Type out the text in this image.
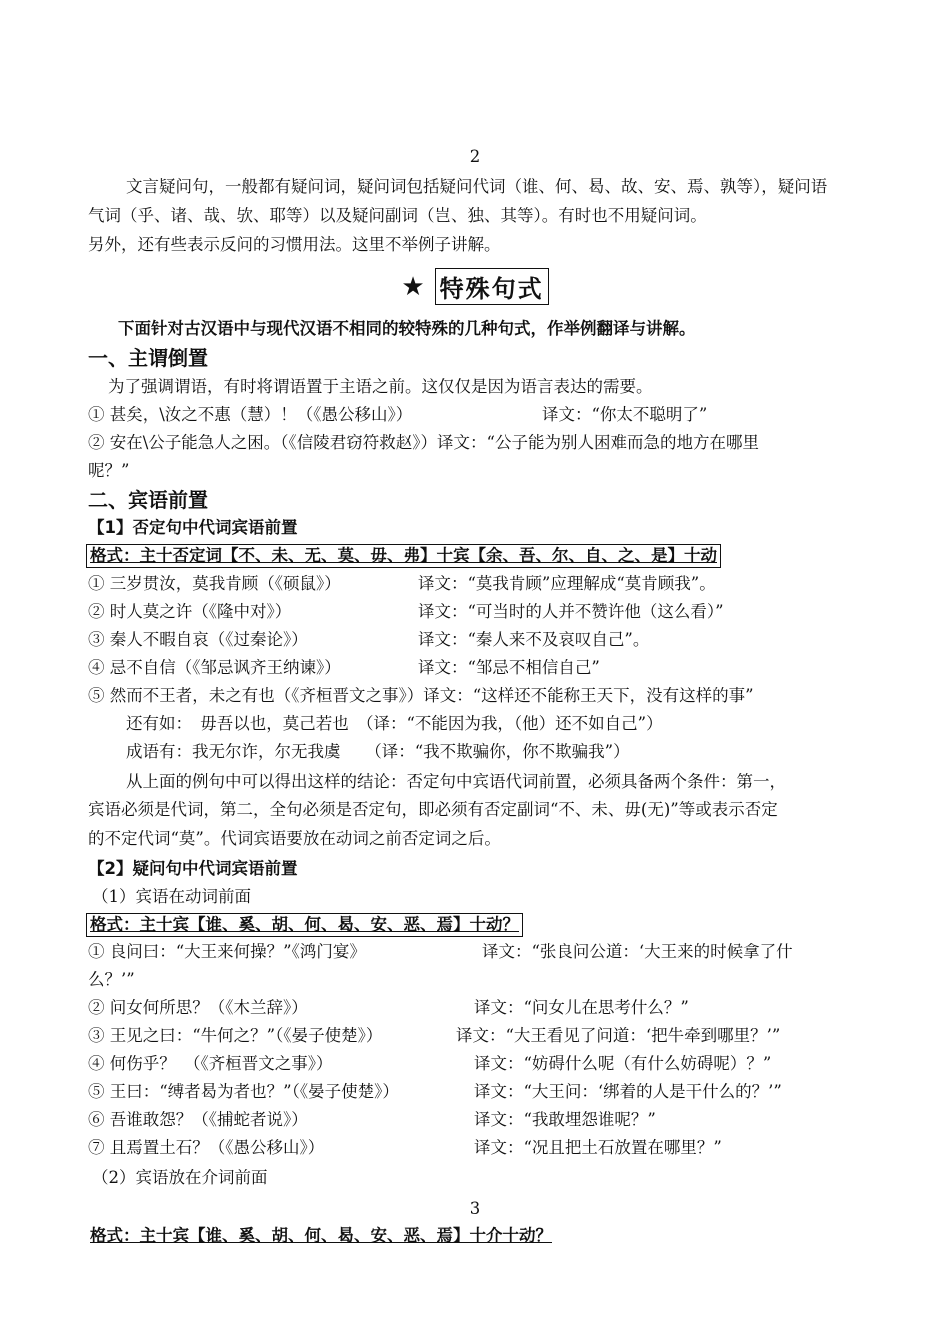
2
文言疑问句，一般都有疑问词，疑问词包括疑问代词（谁、何、曷、故、安、焉、孰等），疑问语
气词（乎、诸、哉、欤、耶等）以及疑问副词（岂、独、其等）。有时也不用疑问词。
另外，还有些表示反问的习惯用法。这里不举例子讲解。
★ 特殊句式
下面针对古汉语中与现代汉语不相同的较特殊的几种句式，作举例翻译与讲解。
一、主谓倒置
为了强调谓语，有时将谓语置于主语之前。这仅仅是因为语言表达的需要。
① 甚矣，\汝之不惠（慧）！（《愚公移山》）	译文：“你太不聪明了”
② 安在\公子能急人之困。（《信陵君窃符救赵》）译文：“公子能为别人困难而急的地方在哪里
呢？”
二、宾语前置
【1】否定句中代词宾语前置
格式：主十否定词【不、未、无、莫、毋、弗】十宾【余、吾、尔、自、之、是】十动
① 三岁贯汝，莫我肯顾（《硕鼠》）	译文：“莫我肯顾”应理解成“莫肯顾我”。
② 时人莫之许（《隆中对》）	译文：“可当时的人并不赞许他（这么看）”
③ 秦人不暇自哀（《过秦论》）	译文：“秦人来不及哀叹自己”。
④ 忌不自信（《邹忌讽齐王纳谏》）	译文：“邹忌不相信自己”
⑤ 然而不王者，未之有也（《齐桓晋文之事》）译文：“这样还不能称王天下，没有这样的事”
还有如：　毋吾以也，莫己若也　（译：“不能因为我，（他）还不如自己”）
成语有：我无尔诈，尔无我虞　　（译：“我不欺骗你，你不欺骗我”）
从上面的例句中可以得出这样的结论：否定句中宾语代词前置，必须具备两个条件：第一，
宾语必须是代词，第二，全句必须是否定句，即必须有否定副词“不、未、毋(无)”等或表示否定
的不定代词“莫”。代词宾语要放在动词之前否定词之后。
【2】疑问句中代词宾语前置
（1）宾语在动词前面
格式：主十宾【谁、奚、胡、何、曷、安、恶、焉】十动？
① 良问曰：“大王来何操？”《鸿门宴》	译文：“张良问公道：‘大王来的时候拿了什
么？’”
② 问女何所思？（《木兰辞》）	译文：“问女儿在思考什么？”
③ 王见之曰：“牛何之？”（《晏子使楚》）	译文：“大王看见了问道：‘把牛牵到哪里？’”
④ 何伤乎？　（《齐桓晋文之事》）	译文：“妨碍什么呢（有什么妨碍呢）？”
⑤ 王曰：“缚者曷为者也？”（《晏子使楚》）	译文：“大王问：‘绑着的人是干什么的？’”
⑥ 吾谁敢怨？（《捕蛇者说》）	译文：“我敢埋怨谁呢？”
⑦ 且焉置土石？（《愚公移山》）	译文：“况且把土石放置在哪里？”
（2）宾语放在介词前面
3
格式：主十宾【谁、奚、胡、何、曷、安、恶、焉】十介十动？
